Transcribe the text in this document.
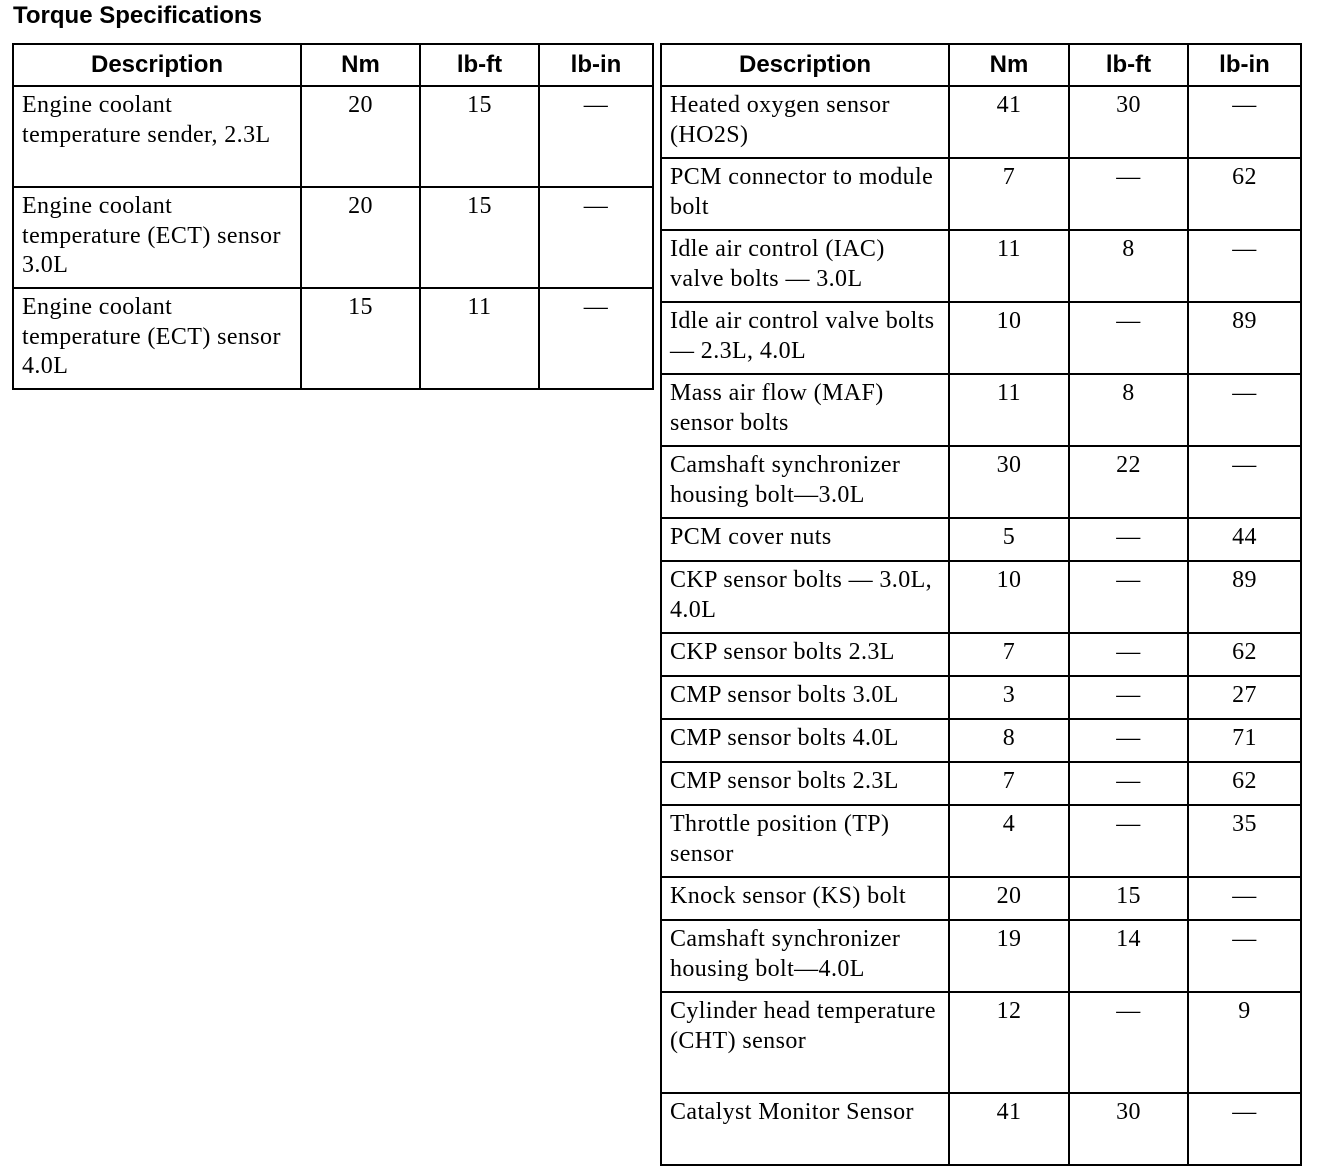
Torque Specifications
Description	Nm	lb-ft	lb-in
Engine coolant temperature sender, 2.3L	20	15	—
Engine coolant temperature (ECT) sensor 3.0L	20	15	—
Engine coolant temperature (ECT) sensor 4.0L	15	11	—
Description	Nm	lb-ft	lb-in
Heated oxygen sensor (HO2S)	41	30	—
PCM connector to module bolt	7	—	62
Idle air control (IAC) valve bolts — 3.0L	11	8	—
Idle air control valve bolts — 2.3L, 4.0L	10	—	89
Mass air flow (MAF) sensor bolts	11	8	—
Camshaft synchronizer housing bolt—3.0L	30	22	—
PCM cover nuts	5	—	44
CKP sensor bolts — 3.0L, 4.0L	10	—	89
CKP sensor bolts 2.3L	7	—	62
CMP sensor bolts 3.0L	3	—	27
CMP sensor bolts 4.0L	8	—	71
CMP sensor bolts 2.3L	7	—	62
Throttle position (TP) sensor	4	—	35
Knock sensor (KS) bolt	20	15	—
Camshaft synchronizer housing bolt—4.0L	19	14	—
Cylinder head temperature (CHT) sensor	12	—	9
Catalyst Monitor Sensor	41	30	—
